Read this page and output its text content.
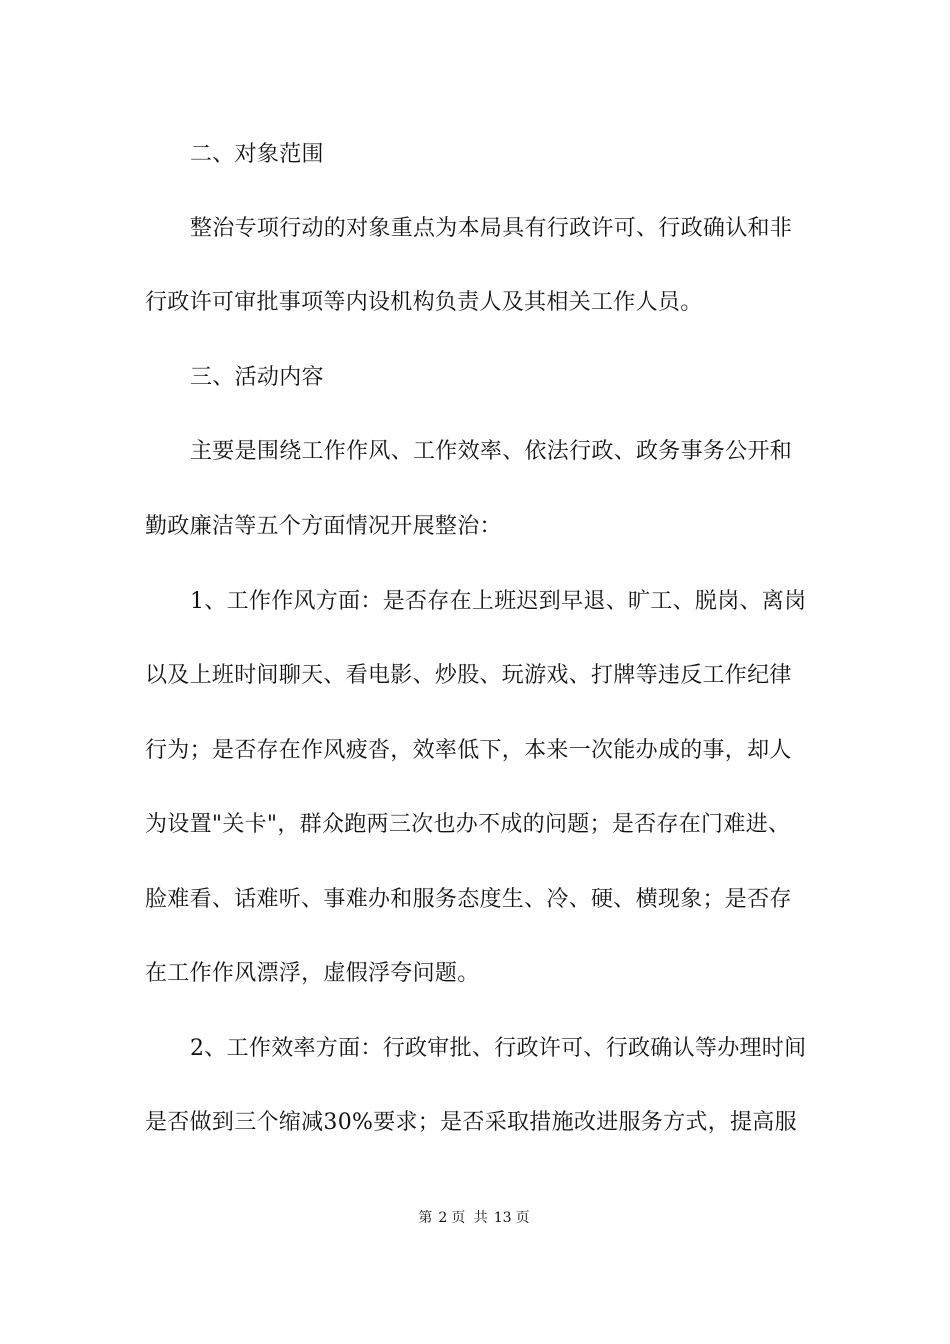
二、对象范围
整治专项行动的对象重点为本局具有行政许可、行政确认和非
行政许可审批事项等内设机构负责人及其相关工作人员。
三、活动内容
主要是围绕工作作风、工作效率、依法行政、政务事务公开和
勤政廉洁等五个方面情况开展整治：
1、工作作风方面：是否存在上班迟到早退、旷工、脱岗、离岗
以及上班时间聊天、看电影、炒股、玩游戏、打牌等违反工作纪律
行为；是否存在作风疲沓，效率低下，本来一次能办成的事，却人
为设置"关卡"，群众跑两三次也办不成的问题；是否存在门难进、
脸难看、话难听、事难办和服务态度生、冷、硬、横现象；是否存
在工作作风漂浮，虚假浮夸问题。
2、工作效率方面：行政审批、行政许可、行政确认等办理时间
是否做到三个缩减30%要求；是否采取措施改进服务方式，提高服
第 2 页 共 13 页
